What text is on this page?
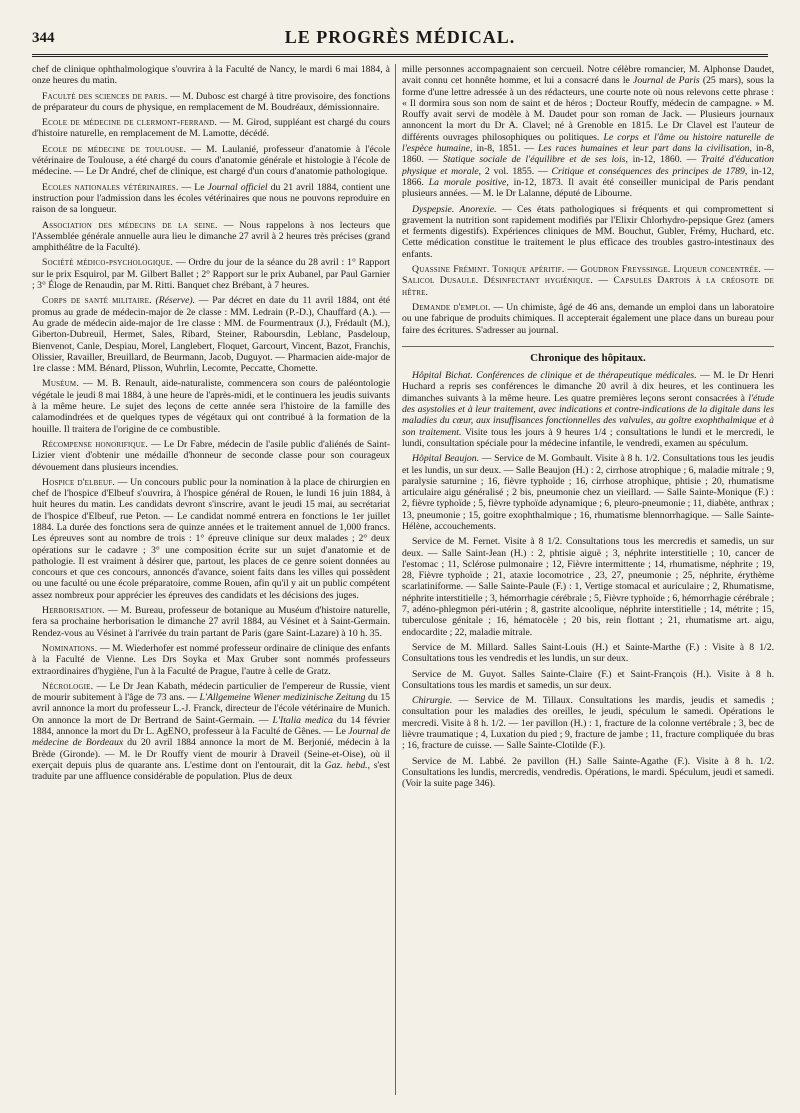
344	LE PROGRÈS MÉDICAL.

chef de clinique ophthalmologique s'ouvrira à la Faculté de Nancy, le mardi 6 mai 1884, à onze heures du matin.

Faculté des sciences de paris. — M. Dubosc est chargé à titre provisoire, des fonctions de préparateur du cours de physique, en remplacement de M. Boudréaux, démissionnaire.

Ecole de médecine de clermont-ferrand. — M. Girod, suppléant est chargé du cours d'histoire naturelle, en remplacement de M. Lamotte, décédé.

Ecole de médecine de toulouse. — M. Laulanié, professeur d'anatomie à l'école vétérinaire de Toulouse, a été chargé du cours d'anatomie générale et histologie à l'école de médecine. — Le Dr André, chef de clinique, est chargé d'un cours d'anatomie pathologique.

Ecoles nationales vétérinaires. — Le Journal officiel du 21 avril 1884, contient une instruction pour l'admission dans les écoles vétérinaires que nous ne pouvons reproduire en raison de sa longueur.

Association des médecins de la seine. — Nous rappelons à nos lecteurs que l'Assemblée générale annuelle aura lieu le dimanche 27 avril à 2 heures très précises (grand amphithéâtre de la Faculté).

Société médico-psychologique. — Ordre du jour de la séance du 28 avril : 1° Rapport sur le prix Esquirol, par M. Gilbert Ballet ; 2° Rapport sur le prix Aubanel, par Paul Garnier ; 3° Éloge de Renaudin, par M. Ritti. Banquet chez Brébant, à 7 heures.

Corps de santé militaire. (Réserve). — Par décret en date du 11 avril 1884, ont été promus au grade de médecin-major de 2e classe : MM. Ledrain (P.-D.), Chauffard (A.). — Au grade de médecin aide-major de 1re classe : MM. de Fourmentraux (J.), Frédault (M.), Giberton-Dubreuil, Hermet, Sales, Ribard, Steiner, Raboursdin, Leblanc, Pasdeloup, Bienvenot, Canle, Despiau, Morel, Langlebert, Floquet, Garcourt, Vincent, Bazot, Franchis, Olissier, Ravailler, Breuillard, de Beurmann, Jacob, Duguyot. — Pharmacien aide-major de 1re classe : MM. Bénard, Plisson, Wuhrlin, Lecomte, Peccatte, Chomette.

Muséum. — M. B. Renault, aide-naturaliste, commencera son cours de paléontologie végétale le jeudi 8 mai 1884, à une heure de l'après-midi, et le continuera les jeudis suivants à la même heure. Le sujet des leçons de cette année sera l'histoire de la famille des calamodindrées et de quelques types de végétaux qui ont contribué à la formation de la houille. Il traitera de l'origine de ce combustible.

Récompense honorifique. — Le Dr Fabre, médecin de l'asile public d'aliénés de Saint-Lizier vient d'obtenir une médaille d'honneur de seconde classe pour son courageux dévouement dans plusieurs incendies.

Hospice d'elbeuf. — Un concours public pour la nomination à la place de chirurgien en chef de l'hospice d'Elbeuf s'ouvrira, à l'hospice général de Rouen, le lundi 16 juin 1884, à huit heures du matin. Les candidats devront s'inscrire, avant le jeudi 15 mai, au secrétariat de l'hospice d'Elbeuf, rue Peton. — Le candidat nommé entrera en fonctions le 1er juillet 1884. La durée des fonctions sera de quinze années et le traitement annuel de 1,000 francs. Les épreuves sont au nombre de trois : 1° épreuve clinique sur deux malades ; 2° deux opérations sur le cadavre ; 3° une composition écrite sur un sujet d'anatomie et de pathologie. Il est vraiment à désirer que, partout, les places de ce genre soient données au concours et que ces concours, annoncés d'avance, soient faits dans les villes qui possèdent ou une faculté ou une école préparatoire, comme Rouen, afin qu'il y ait un public compétent assez nombreux pour apprécier les épreuves des candidats et les décisions des juges.

Herborisation. — M. Bureau, professeur de botanique au Muséum d'histoire naturelle, fera sa prochaine herborisation le dimanche 27 avril 1884, au Vésinet et à Saint-Germain. Rendez-vous au Vésinet à l'arrivée du train partant de Paris (gare Saint-Lazare) à 10 h. 35.

Nominations. — M. Wiederhofer est nommé professeur ordinaire de clinique des enfants à la Faculté de Vienne. Les Drs Soyka et Max Gruber sont nommés professeurs extraordinaires d'hygiène, l'un à la Faculté de Prague, l'autre à celle de Gratz.

Nécrologie. — Le Dr Jean Kabath, médecin particulier de l'empereur de Russie, vient de mourir subitement à l'âge de 73 ans. — L'Allgemeine Wiener medizinische Zeitung du 15 avril annonce la mort du professeur L.-J. Franck, directeur de l'école vétérinaire de Munich. On annonce la mort de Dr Bertrand de Saint-Germain. — L'Italia medica du 14 février 1884, annonce la mort du Dr L. AgENO, professeur à la Faculté de Gênes. — Le Journal de médecine de Bordeaux du 20 avril 1884 annonce la mort de M. Berjonié, médecin à la Brède (Gironde). — M. le Dr Rouffy vient de mourir à Draveil (Seine-et-Oise), où il exerçait depuis plus de quarante ans. L'estime dont on l'entourait, dit la Gaz. hebd., s'est traduite par une affluence considérable de population. Plus de deux

mille personnes accompagnaient son cercueil. Notre célèbre romancier, M. Alphonse Daudet, avait connu cet honnête homme, et lui a consacré dans le Journal de Paris (25 mars), sous la forme d'une lettre adressée à un des rédacteurs, une courte note où nous relevons cette phrase : « Il dormira sous son nom de saint et de héros ; Docteur Rouffy, médecin de campagne. » M. Rouffy avait servi de modèle à M. Daudet pour son roman de Jack. — Plusieurs journaux annoncent la mort du Dr A. Clavel; né à Grenoble en 1815. Le Dr Clavel est l'auteur de différents ouvrages philosophiques ou politiques. Le corps et l'âme ou histoire naturelle de l'espèce humaine, in-8, 1851. — Les races humaines et leur part dans la civilisation, in-8, 1860. — Statique sociale de l'équilibre et de ses lois, in-12, 1860. — Traité d'éducation physique et morale, 2 vol. 1855. — Critique et conséquences des principes de 1789, in-12, 1866. La morale positive, in-12, 1873. Il avait été conseiller municipal de Paris pendant plusieurs années. — M. le Dr Lalanne, député de Libourne.

Dyspepsie. Anorexie. — Ces états pathologiques si fréquents et qui compromettent si gravement la nutrition sont rapidement modifiés par l'Elixir Chlorhydro-pepsique Grez (amers et ferments digestifs). Expériences cliniques de MM. Bouchut, Gubler, Frémy, Huchard, etc. Cette médication constitue le traitement le plus efficace des troubles gastro-intestinaux des enfants.

Quassine Frémint. Tonique apéritif. — Goudron Freyssinge. Liqueur concentrée. — Salicol Dusaule. Désinfectant hygiénique. — Capsules Dartois à la créosote de hêtre.

Demande d'emploi. — Un chimiste, âgé de 46 ans, demande un emploi dans un laboratoire ou une fabrique de produits chimiques. Il accepterait également une place dans un bureau pour faire des écritures. S'adresser au journal.

Chronique des hôpitaux.

Hôpital Bichat. Conférences de clinique et de thérapeutique médicales. — M. le Dr Henri Huchard a repris ses conférences le dimanche 20 avril à dix heures, et les continuera les dimanches suivants à la même heure. Les quatre premières leçons seront consacrées à l'étude des asystolies et à leur traitement, avec indications et contre-indications de la digitale dans les maladies du cœur, aux insuffisances fonctionnelles des valvules, au goître exophthalmique et à son traitement. Visite tous les jours à 9 heures 1/4 ; consultations le lundi et le mercredi, le lundi, consultation spéciale pour la médecine infantile, le vendredi, examen au spéculum.

Hôpital Beaujon. — Service de M. Gombault. Visite à 8 h. 1/2. Consultations tous les jeudis et les lundis, un sur deux. — Salle Beaujon (H.) : 2, cirrhose atrophique ; 6, maladie mitrale ; 9, paralysie saturnine ; 16, fièvre typhoïde ; 16, cirrhose atrophique, phtisie ; 20, rhumatisme articulaire aigu généralisé ; 2 bis, pneumonie chez un vieillard. — Salle Sainte-Monique (F.) : 2, fièvre typhoïde ; 5, fièvre typhoïde adynamique ; 6, pleuro-pneumonie ; 11, diabète, anthrax ; 13, pneumonie ; 15, goitre exophthalmique ; 16, rhumatisme blennorrhagique. — Salle Sainte-Hélène, accouchements.

Service de M. Fernet. Visite à 8 1/2. Consultations tous les mercredis et samedis, un sur deux. — Salle Saint-Jean (H.) : 2, phtisie aiguë ; 3, néphrite interstitielle ; 10, cancer de l'estomac ; 11, Sclérose pulmonaire ; 12, Fièvre intermittente ; 14, rhumatisme, néphrite ; 19, 28, Fièvre typhoïde ; 21, ataxie locomotrice , 23, 27, pneumonie ; 25, néphrite, érythème scarlatiniforme. — Salle Sainte-Paule (F.) : 1, Vertige stomacal et auriculaire ; 2, Rhumatisme, néphrite interstitielle ; 3, hémorrhagie cérébrale ; 5, Fièvre typhoïde ; 6, hémorrhagie cérébrale ; 7, adéno-phlegmon péri-utérin ; 8, gastrite alcoolique, néphrite interstitielle ; 14, métrite ; 15, tuberculose génitale ; 16, hématocèle ; 20 bis, rein flottant ; 21, rhumatisme art. aigu, endocardite ; 22, maladie mitrale.

Service de M. Millard. Salles Saint-Louis (H.) et Sainte-Marthe (F.) : Visite à 8 1/2. Consultations tous les vendredis et les lundis, un sur deux.

Service de M. Guyot. Salles Sainte-Claire (F.) et Saint-François (H.). Visite à 8 h. Consultations tous les mardis et samedis, un sur deux.

Chirurgie. — Service de M. Tillaux. Consultations les mardis, jeudis et samedis ; consultation pour les maladies des oreilles, le jeudi, spéculum le samedi. Opérations le mercredi. Visite à 8 h. 1/2. — 1er pavillon (H.) : 1, fracture de la colonne vertébrale ; 3, bec de lièvre traumatique ; 4, Luxation du pied ; 9, fracture de jambe ; 11, fracture compliquée du bras ; 16, fracture de cuisse. — Salle Sainte-Clotilde (F.).

Service de M. Labbé. 2e pavillon (H.) Salle Sainte-Agathe (F.). Visite à 8 h. 1/2. Consultations les lundis, mercredis, vendredis. Opérations, le mardi. Spéculum, jeudi et samedi. (Voir la suite page 346).
